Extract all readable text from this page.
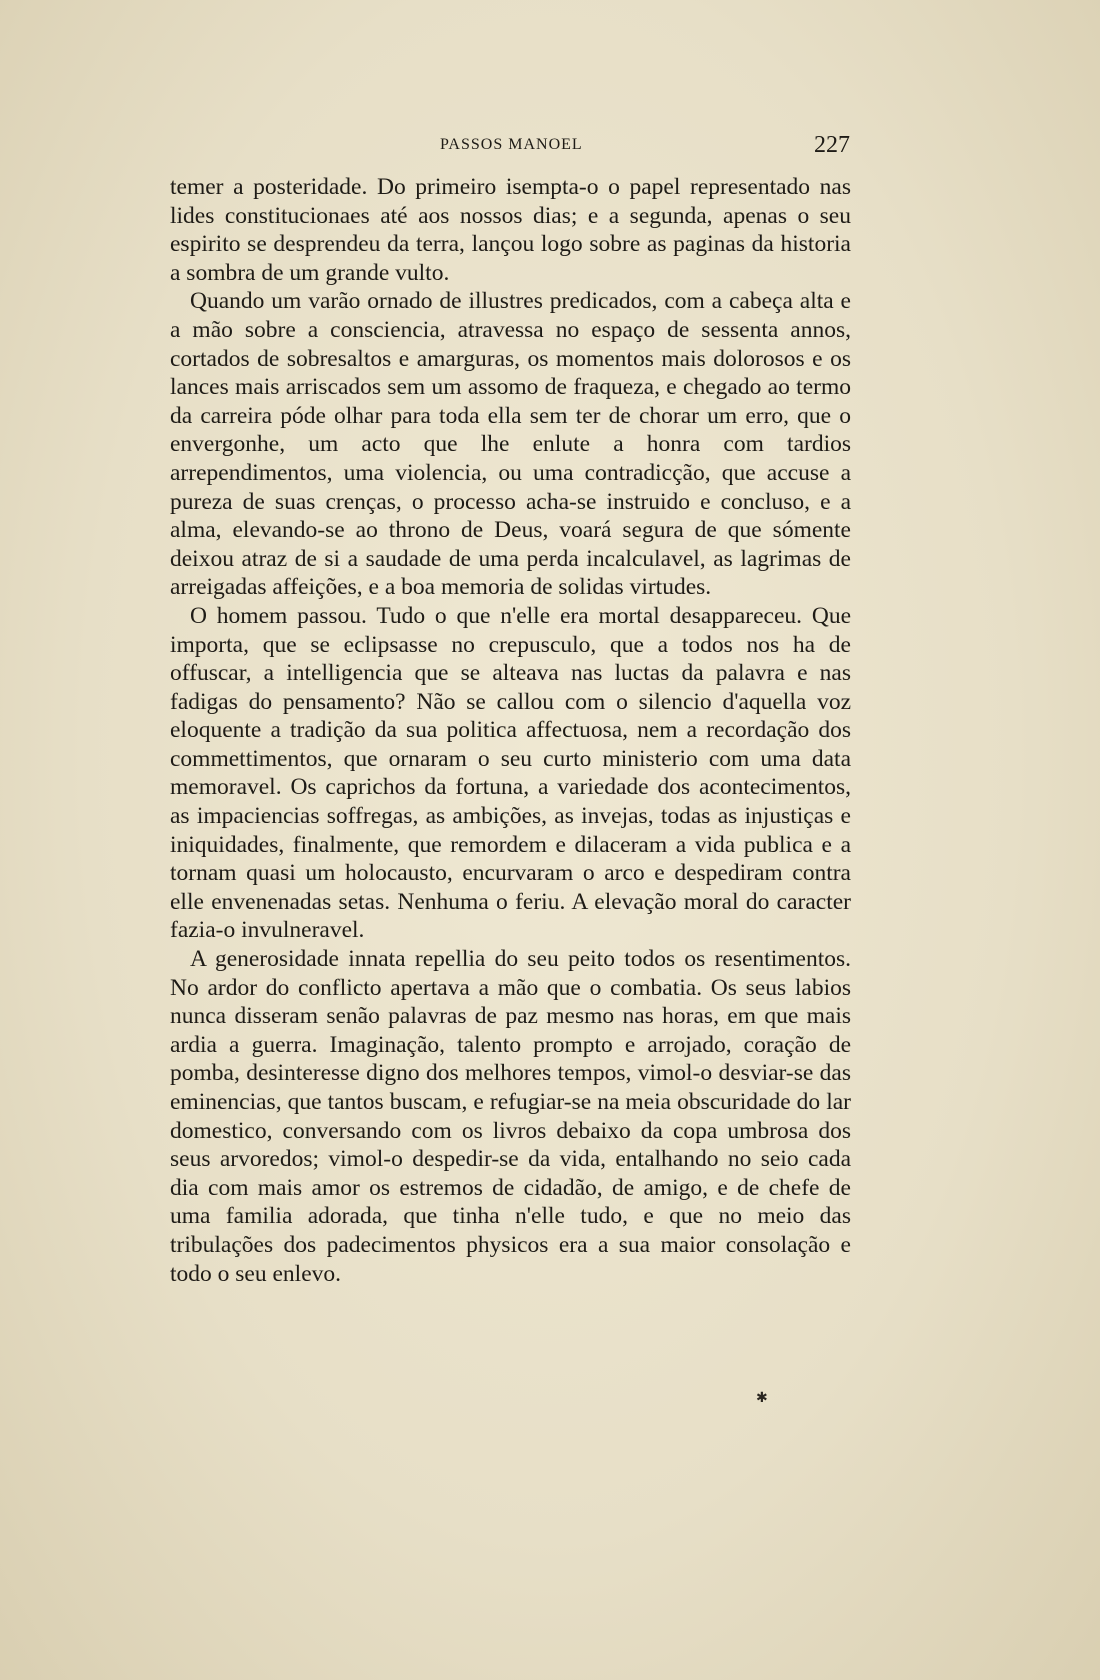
PASSOS MANOEL	227

temer a posteridade. Do primeiro isempta-o o papel representado nas lides constitucionaes até aos nossos dias; e a segunda, apenas o seu espirito se desprendeu da terra, lançou logo sobre as paginas da historia a sombra de um grande vulto.

Quando um varão ornado de illustres predicados, com a cabeça alta e a mão sobre a consciencia, atravessa no espaço de sessenta annos, cortados de sobresaltos e amarguras, os momentos mais dolorosos e os lances mais arriscados sem um assomo de fraqueza, e chegado ao termo da carreira póde olhar para toda ella sem ter de chorar um erro, que o envergonhe, um acto que lhe enlute a honra com tardios arrependimentos, uma violencia, ou uma contradicção, que accuse a pureza de suas crenças, o processo acha-se instruido e concluso, e a alma, elevando-se ao throno de Deus, voará segura de que sómente deixou atraz de si a saudade de uma perda incalculavel, as lagrimas de arreigadas affeições, e a boa memoria de solidas virtudes.

O homem passou. Tudo o que n'elle era mortal desappareceu. Que importa, que se eclipsasse no crepusculo, que a todos nos ha de offuscar, a intelligencia que se alteava nas luctas da palavra e nas fadigas do pensamento? Não se callou com o silencio d'aquella voz eloquente a tradição da sua politica affectuosa, nem a recordação dos commettimentos, que ornaram o seu curto ministerio com uma data memoravel. Os caprichos da fortuna, a variedade dos acontecimentos, as impaciencias soffregas, as ambições, as invejas, todas as injustiças e iniquidades, finalmente, que remordem e dilaceram a vida publica e a tornam quasi um holocausto, encurvaram o arco e despediram contra elle envenenadas setas. Nenhuma o feriu. A elevação moral do caracter fazia-o invulneravel.

A generosidade innata repellia do seu peito todos os resentimentos. No ardor do conflicto apertava a mão que o combatia. Os seus labios nunca disseram senão palavras de paz mesmo nas horas, em que mais ardia a guerra. Imaginação, talento prompto e arrojado, coração de pomba, desinteresse digno dos melhores tempos, vimol-o desviar-se das eminencias, que tantos buscam, e refugiar-se na meia obscuridade do lar domestico, conversando com os livros debaixo da copa umbrosa dos seus arvoredos; vimol-o despedir-se da vida, entalhando no seio cada dia com mais amor os estremos de cidadão, de amigo, e de chefe de uma familia adorada, que tinha n'elle tudo, e que no meio das tribulações dos padecimentos physicos era a sua maior consolação e todo o seu enlevo.

✱
